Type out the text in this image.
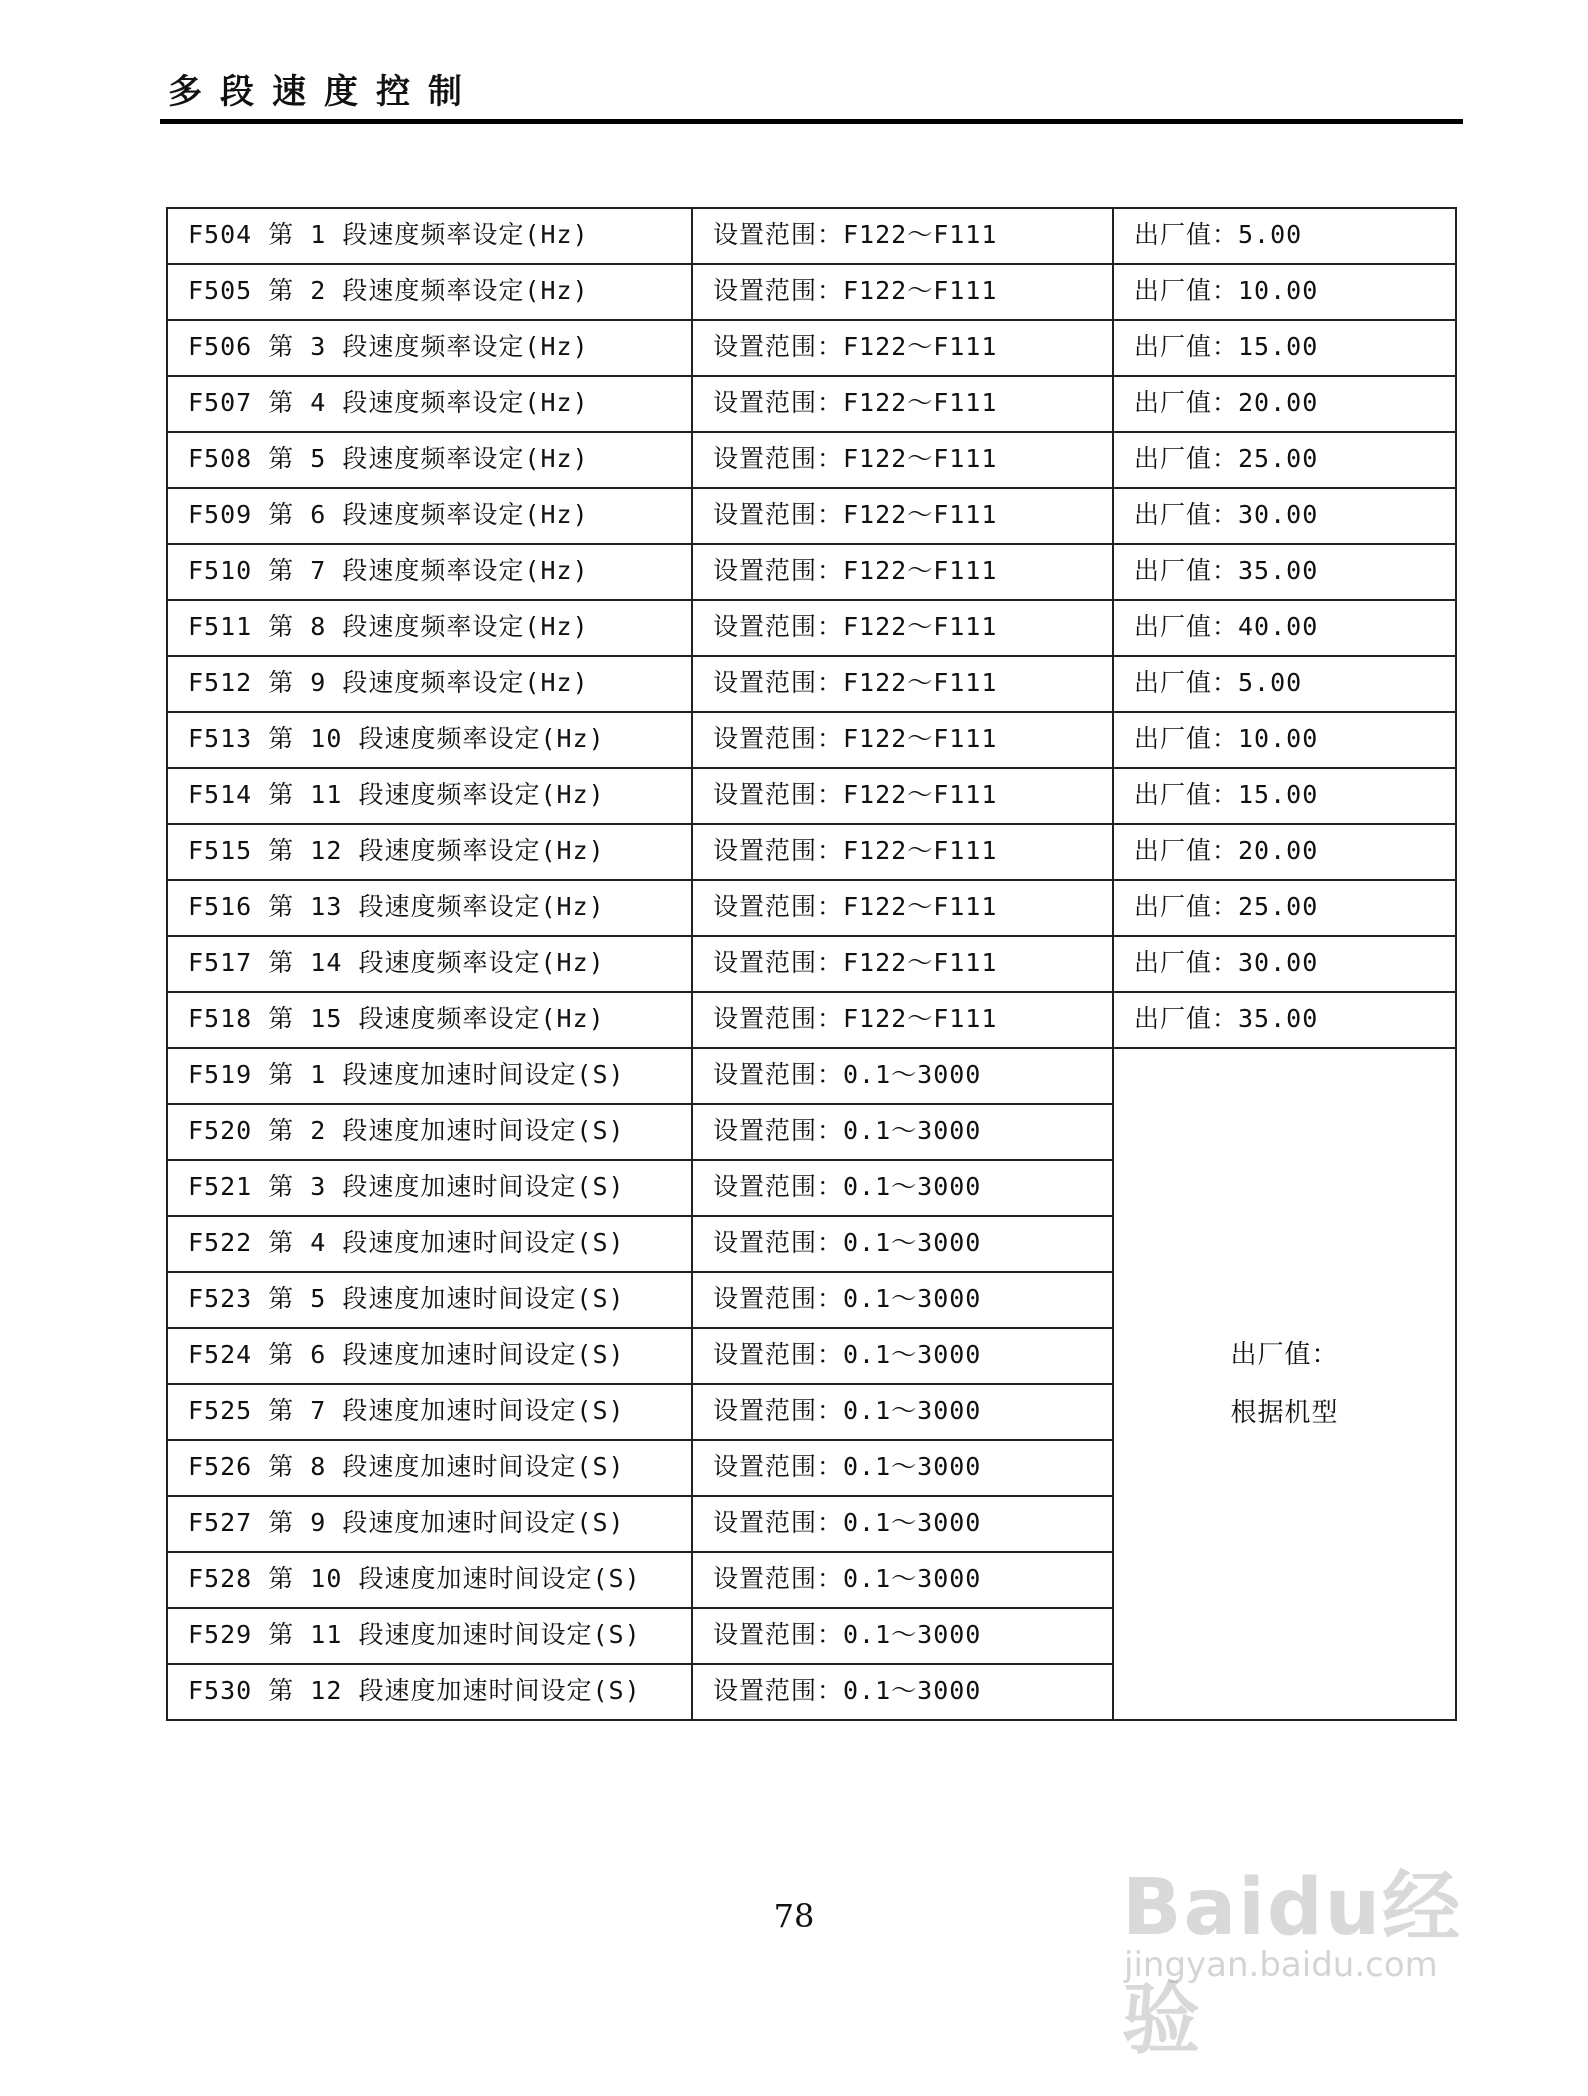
多段速度控制
F504 第 1 段速度频率设定(Hz)	设置范围：F122～F111	出厂值：5.00
F505 第 2 段速度频率设定(Hz)	设置范围：F122～F111	出厂值：10.00
F506 第 3 段速度频率设定(Hz)	设置范围：F122～F111	出厂值：15.00
F507 第 4 段速度频率设定(Hz)	设置范围：F122～F111	出厂值：20.00
F508 第 5 段速度频率设定(Hz)	设置范围：F122～F111	出厂值：25.00
F509 第 6 段速度频率设定(Hz)	设置范围：F122～F111	出厂值：30.00
F510 第 7 段速度频率设定(Hz)	设置范围：F122～F111	出厂值：35.00
F511 第 8 段速度频率设定(Hz)	设置范围：F122～F111	出厂值：40.00
F512 第 9 段速度频率设定(Hz)	设置范围：F122～F111	出厂值：5.00
F513 第 10 段速度频率设定(Hz)	设置范围：F122～F111	出厂值：10.00
F514 第 11 段速度频率设定(Hz)	设置范围：F122～F111	出厂值：15.00
F515 第 12 段速度频率设定(Hz)	设置范围：F122～F111	出厂值：20.00
F516 第 13 段速度频率设定(Hz)	设置范围：F122～F111	出厂值：25.00
F517 第 14 段速度频率设定(Hz)	设置范围：F122～F111	出厂值：30.00
F518 第 15 段速度频率设定(Hz)	设置范围：F122～F111	出厂值：35.00
F519 第 1 段速度加速时间设定(S)	设置范围：0.1～3000	出厂值：
根据机型

F520 第 2 段速度加速时间设定(S)	设置范围：0.1～3000	
F521 第 3 段速度加速时间设定(S)	设置范围：0.1～3000	
F522 第 4 段速度加速时间设定(S)	设置范围：0.1～3000	
F523 第 5 段速度加速时间设定(S)	设置范围：0.1～3000	
F524 第 6 段速度加速时间设定(S)	设置范围：0.1～3000	
F525 第 7 段速度加速时间设定(S)	设置范围：0.1～3000	
F526 第 8 段速度加速时间设定(S)	设置范围：0.1～3000	
F527 第 9 段速度加速时间设定(S)	设置范围：0.1～3000	
F528 第 10 段速度加速时间设定(S)	设置范围：0.1～3000	
F529 第 11 段速度加速时间设定(S)	设置范围：0.1～3000	
F530 第 12 段速度加速时间设定(S)	设置范围：0.1～3000	
78	Baidu经验
jingyan.baidu.com
